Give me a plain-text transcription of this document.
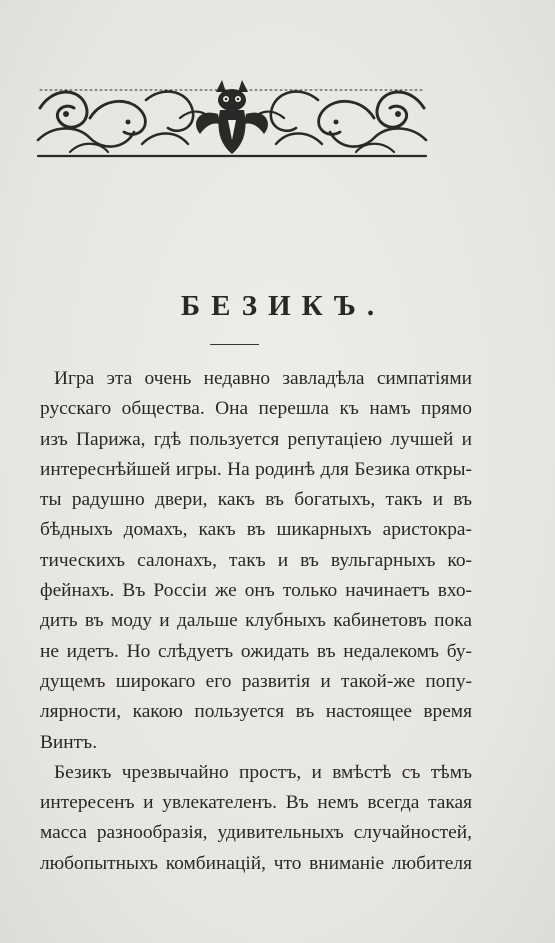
БЕЗИКЪ.
Игра эта очень недавно завладѣла симпатіями
русскаго общества. Она перешла къ намъ прямо
изъ Парижа, гдѣ пользуется репутаціею лучшей и
интереснѣйшей игры. На родинѣ для Безика откры-
ты радушно двери, какъ въ богатыхъ, такъ и въ
бѣдныхъ домахъ, какъ въ шикарныхъ аристокра-
тическихъ салонахъ, такъ и въ вульгарныхъ ко-
фейнахъ. Въ Россіи же онъ только начинаетъ вхо-
дить въ моду и дальше клубныхъ кабинетовъ пока
не идетъ. Но слѣдуетъ ожидать въ недалекомъ бу-
дущемъ широкаго его развитія и такой-же попу-
лярности, какою пользуется въ настоящее время
Винтъ.
Безикъ чрезвычайно простъ, и вмѣстѣ съ тѣмъ
интересенъ и увлекателенъ. Въ немъ всегда такая
масса разнообразія, удивительныхъ случайностей,
любопытныхъ комбинацій, что вниманіе любителя
